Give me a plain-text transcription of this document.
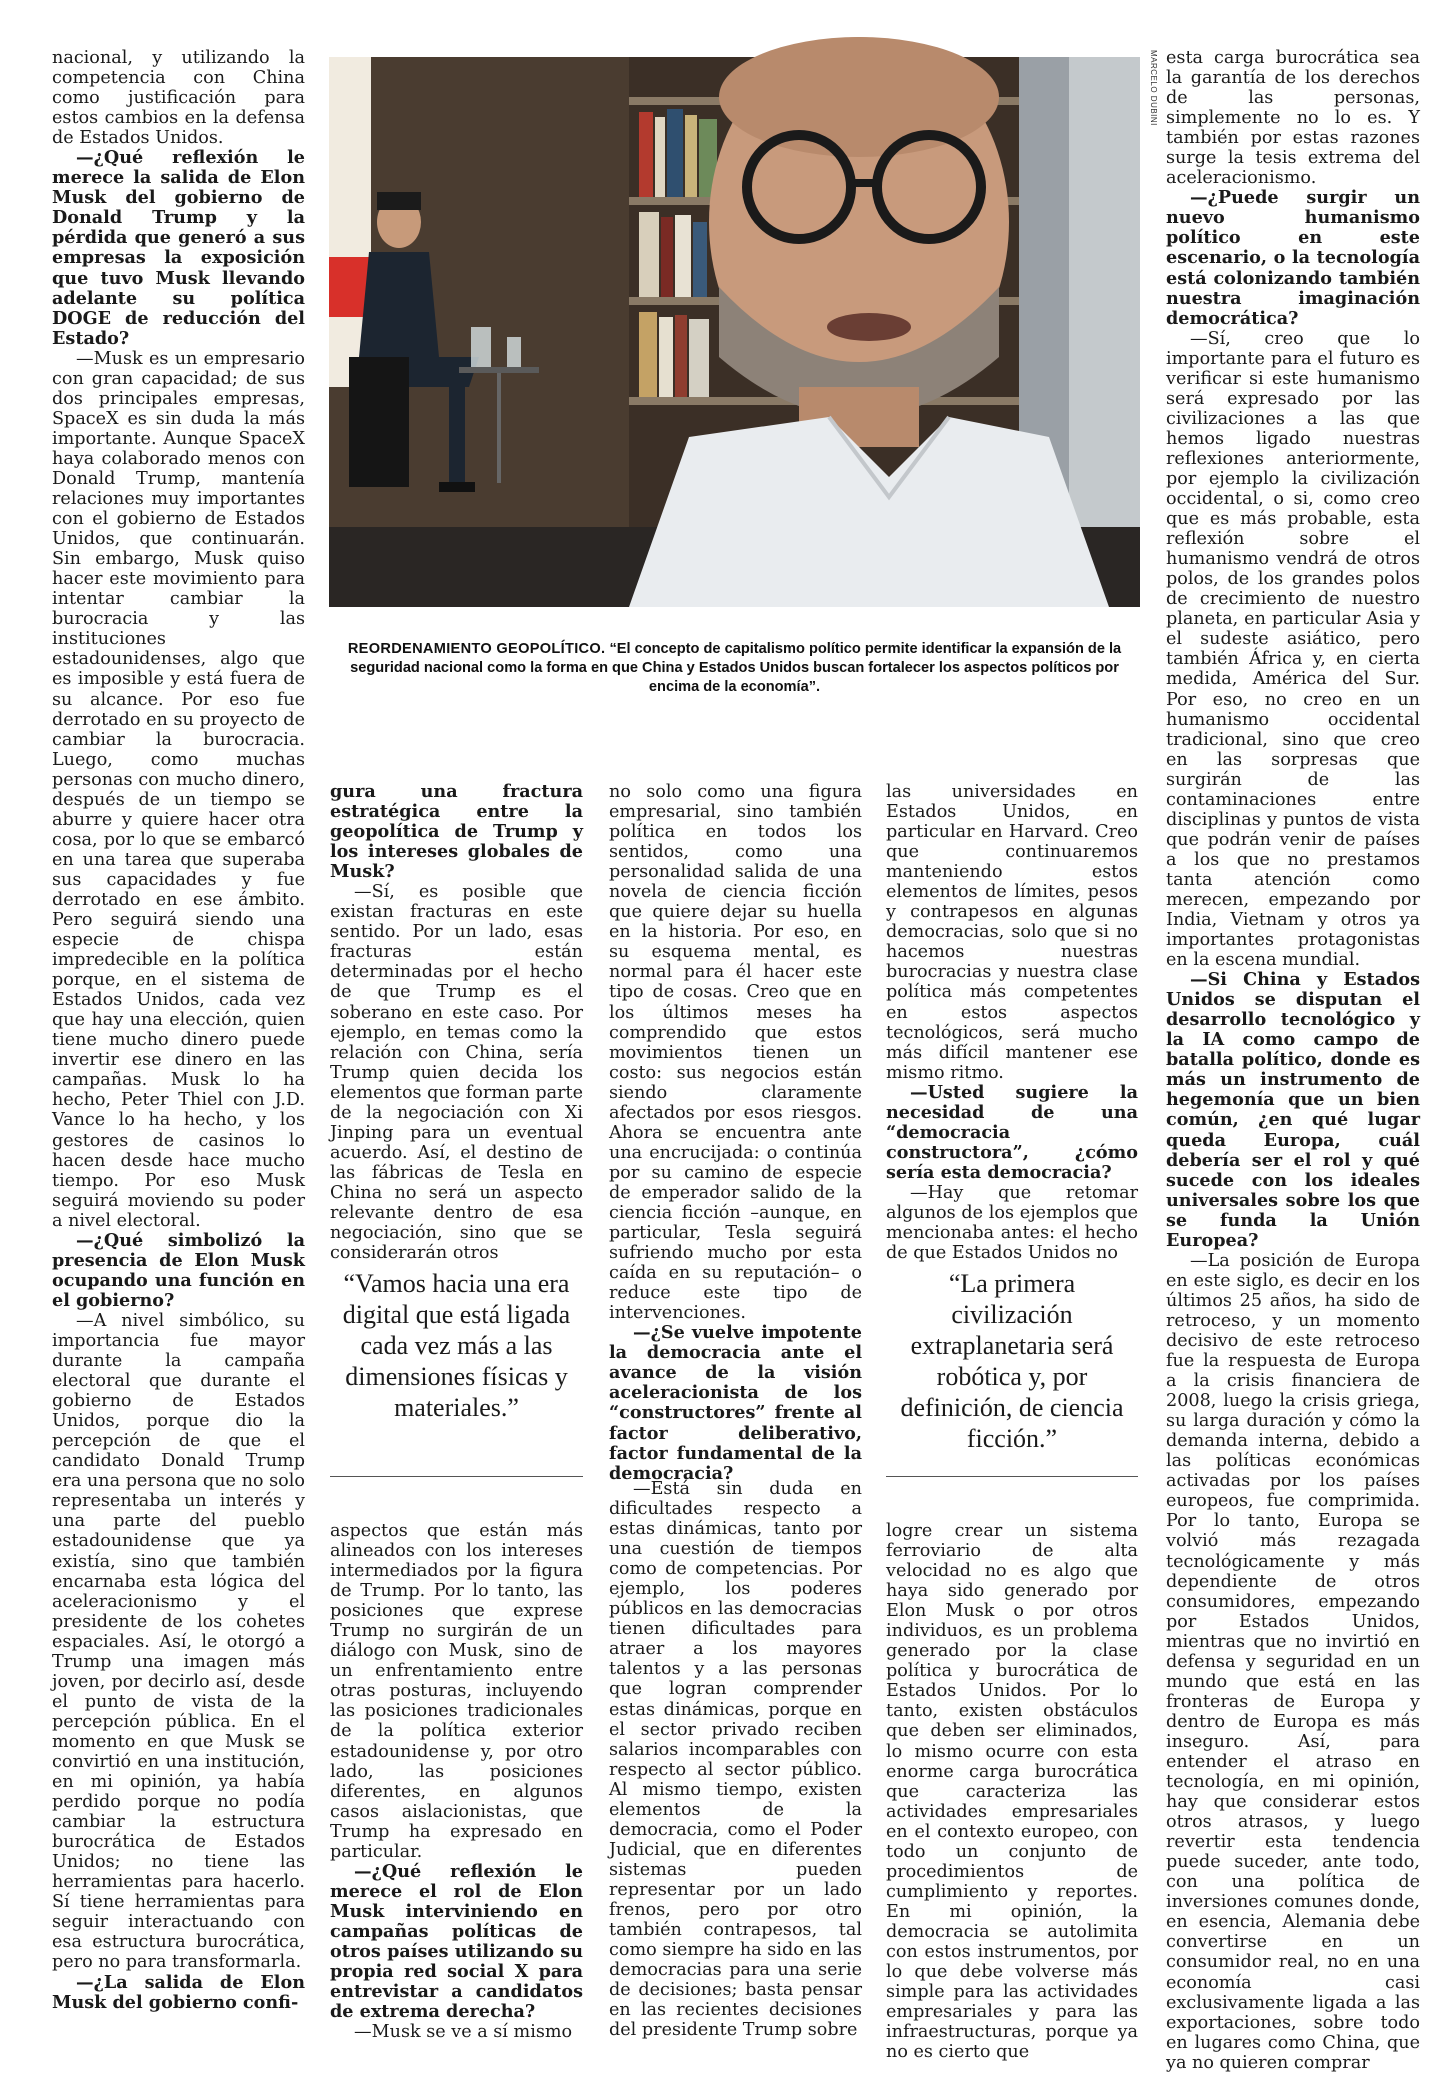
MARCELO DUBINI
REORDENAMIENTO GEOPOLÍTICO. “El concepto de capitalismo político permite identificar la expansión de la seguridad nacional como la forma en que China y Estados Unidos buscan fortalecer los aspectos políticos por encima de la economía”.

nacional, y utilizando la competencia con China como justificación para estos cambios en la defensa de Estados Unidos.

—¿Qué reflexión le merece la salida de Elon Musk del gobierno de Donald Trump y la pérdida que generó a sus empresas la exposición que tuvo Musk llevando adelante su política DOGE de reducción del Estado?

—Musk es un empresario con gran capacidad; de sus dos principales empresas, SpaceX es sin duda la más importante. Aunque SpaceX haya colaborado menos con Donald Trump, mantenía relaciones muy importantes con el gobierno de Estados Unidos, que continuarán. Sin embargo, Musk quiso hacer este movimiento para intentar cambiar la burocracia y las instituciones estadounidenses, algo que es imposible y está fuera de su alcance. Por eso fue derrotado en su proyecto de cambiar la burocracia. Luego, como muchas personas con mucho dinero, después de un tiempo se aburre y quiere hacer otra cosa, por lo que se embarcó en una tarea que superaba sus capacidades y fue derrotado en ese ámbito. Pero seguirá siendo una especie de chispa impredecible en la política porque, en el sistema de Estados Unidos, cada vez que hay una elección, quien tiene mucho dinero puede invertir ese dinero en las campañas. Musk lo ha hecho, Peter Thiel con J.D. Vance lo ha hecho, y los gestores de casinos lo hacen desde hace mucho tiempo. Por eso Musk seguirá moviendo su poder a nivel electoral.

—¿Qué simbolizó la presencia de Elon Musk ocupando una función en el gobierno?

—A nivel simbólico, su importancia fue mayor durante la campaña electoral que durante el gobierno de Estados Unidos, porque dio la percepción de que el candidato Donald Trump era una persona que no solo representaba un interés y una parte del pueblo estadounidense que ya existía, sino que también encarnaba esta lógica del aceleracionismo y el presidente de los cohetes espaciales. Así, le otorgó a Trump una imagen más joven, por decirlo así, desde el punto de vista de la percepción pública. En el momento en que Musk se convirtió en una institución, en mi opinión, ya había perdido porque no podía cambiar la estructura burocrática de Estados Unidos; no tiene las herramientas para hacerlo. Sí tiene herramientas para seguir interactuando con esa estructura burocrática, pero no para transformarla.

—¿La salida de Elon Musk del gobierno confi-

gura una fractura estratégica entre la geopolítica de Trump y los intereses globales de Musk?

—Sí, es posible que existan fracturas en este sentido. Por un lado, esas fracturas están determinadas por el hecho de que Trump es el soberano en este caso. Por ejemplo, en temas como la relación con China, sería Trump quien decida los elementos que forman parte de la negociación con Xi Jinping para un eventual acuerdo. Así, el destino de las fábricas de Tesla en China no será un aspecto relevante dentro de esa negociación, sino que se considerarán otros

no solo como una figura empresarial, sino también política en todos los sentidos, como una personalidad salida de una novela de ciencia ficción que quiere dejar su huella en la historia. Por eso, en su esquema mental, es normal para él hacer este tipo de cosas. Creo que en los últimos meses ha comprendido que estos movimientos tienen un costo: sus negocios están siendo claramente afectados por esos riesgos. Ahora se encuentra ante una encrucijada: o continúa por su camino de especie de emperador salido de la ciencia ficción –aunque, en particular, Tesla seguirá sufriendo mucho por esta caída en su reputación– o reduce este tipo de intervenciones.

—¿Se vuelve impotente la democracia ante el avance de la visión aceleracionista de los “constructores” frente al factor deliberativo, factor fundamental de la democracia?

las universidades en Estados Unidos, en particular en Harvard. Creo que continuaremos manteniendo estos elementos de límites, pesos y contrapesos en algunas democracias, solo que si no hacemos nuestras burocracias y nuestra clase política más competentes en estos aspectos tecnológicos, será mucho más difícil mantener ese mismo ritmo.

—Usted sugiere la necesidad de una “democracia constructora”, ¿cómo sería esta democracia?

—Hay que retomar algunos de los ejemplos que mencionaba antes: el hecho de que Estados Unidos no

aspectos que están más alineados con los intereses intermediados por la figura de Trump. Por lo tanto, las posiciones que exprese Trump no surgirán de un diálogo con Musk, sino de un enfrentamiento entre otras posturas, incluyendo las posiciones tradicionales de la política exterior estadounidense y, por otro lado, las posiciones diferentes, en algunos casos aislacionistas, que Trump ha expresado en particular.

—¿Qué reflexión le merece el rol de Elon Musk interviniendo en campañas políticas de otros países utilizando su propia red social X para entrevistar a candidatos de extrema derecha?

—Musk se ve a sí mismo

—Está sin duda en dificultades respecto a estas dinámicas, tanto por una cuestión de tiempos como de competencias. Por ejemplo, los poderes públicos en las democracias tienen dificultades para atraer a los mayores talentos y a las personas que logran comprender estas dinámicas, porque en el sector privado reciben salarios incomparables con respecto al sector público. Al mismo tiempo, existen elementos de la democracia, como el Poder Judicial, que en diferentes sistemas pueden representar por un lado frenos, pero por otro también contrapesos, tal como siempre ha sido en las democracias para una serie de decisiones; basta pensar en las recientes decisiones del presidente Trump sobre

logre crear un sistema ferroviario de alta velocidad no es algo que haya sido generado por Elon Musk o por otros individuos, es un problema generado por la clase política y burocrática de Estados Unidos. Por lo tanto, existen obstáculos que deben ser eliminados, lo mismo ocurre con esta enorme carga burocrática que caracteriza las actividades empresariales en el contexto europeo, con todo un conjunto de procedimientos de cumplimiento y reportes. En mi opinión, la democracia se autolimita con estos instrumentos, por lo que debe volverse más simple para las actividades empresariales y para las infraestructuras, porque ya no es cierto que

esta carga burocrática sea la garantía de los derechos de las personas, simplemente no lo es. Y también por estas razones surge la tesis extrema del aceleracionismo.

—¿Puede surgir un nuevo humanismo político en este escenario, o la tecnología está colonizando también nuestra imaginación democrática?

—Sí, creo que lo importante para el futuro es verificar si este humanismo será expresado por las civilizaciones a las que hemos ligado nuestras reflexiones anteriormente, por ejemplo la civilización occidental, o si, como creo que es más probable, esta reflexión sobre el humanismo vendrá de otros polos, de los grandes polos de crecimiento de nuestro planeta, en particular Asia y el sudeste asiático, pero también África y, en cierta medida, América del Sur. Por eso, no creo en un humanismo occidental tradicional, sino que creo en las sorpresas que surgirán de las contaminaciones entre disciplinas y puntos de vista que podrán venir de países a los que no prestamos tanta atención como merecen, empezando por India, Vietnam y otros ya importantes protagonistas en la escena mundial.

—Si China y Estados Unidos se disputan el desarrollo tecnológico y la IA como campo de batalla político, donde es más un instrumento de hegemonía que un bien común, ¿en qué lugar queda Europa, cuál debería ser el rol y qué sucede con los ideales universales sobre los que se funda la Unión Europea?

—La posición de Europa en este siglo, es decir en los últimos 25 años, ha sido de retroceso, y un momento decisivo de este retroceso fue la respuesta de Europa a la crisis financiera de 2008, luego la crisis griega, su larga duración y cómo la demanda interna, debido a las políticas económicas activadas por los países europeos, fue comprimida. Por lo tanto, Europa se volvió más rezagada tecnológicamente y más dependiente de otros consumidores, empezando por Estados Unidos, mientras que no invirtió en defensa y seguridad en un mundo que está en las fronteras de Europa y dentro de Europa es más inseguro. Así, para entender el atraso en tecnología, en mi opinión, hay que considerar estos otros atrasos, y luego revertir esta tendencia puede suceder, ante todo, con una política de inversiones comunes donde, en esencia, Alemania debe convertirse en un consumidor real, no en una economía casi exclusivamente ligada a las exportaciones, sobre todo en lugares como China, que ya no quieren comprar

“Vamos hacia una era digital que está ligada cada vez más a las dimensiones físicas y materiales.”
“La primera civilización extraplanetaria será robótica y, por definición, de ciencia ficción.”
